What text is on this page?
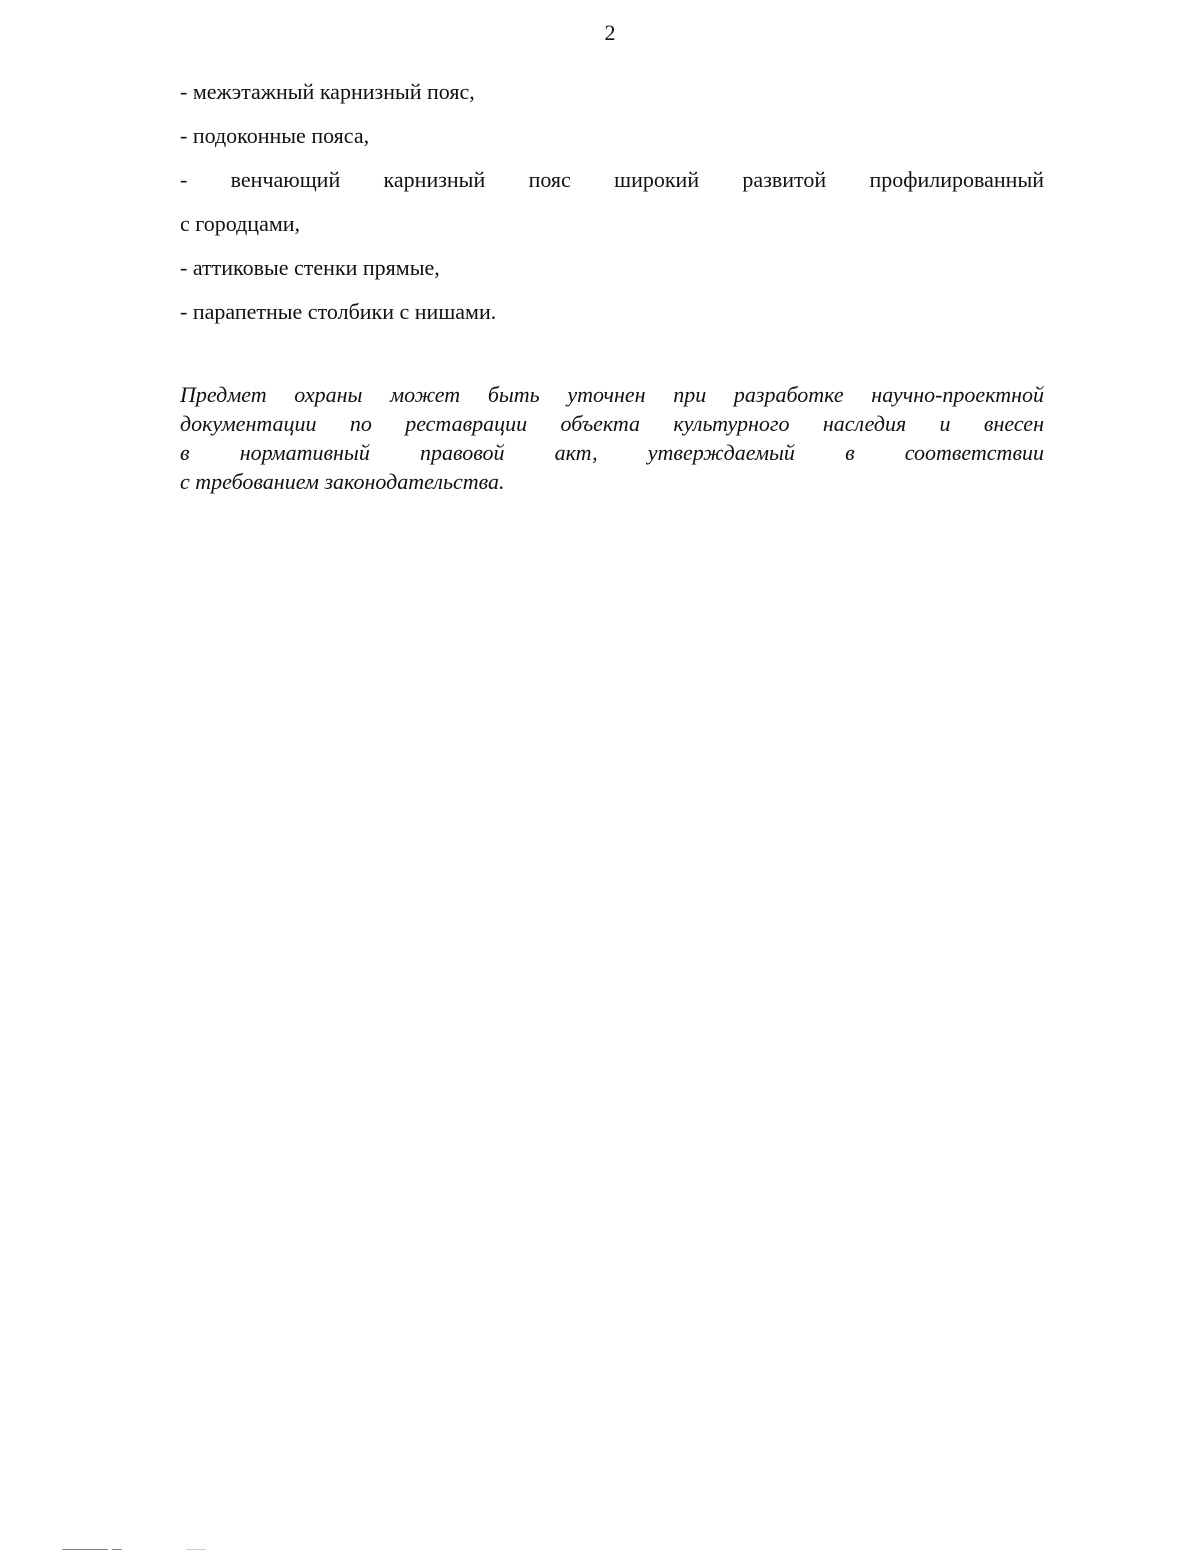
2
- межэтажный карнизный пояс,
- подоконные пояса,
- венчающий карнизный пояс широкий развитой профилированный
с городцами,
- аттиковые стенки прямые,
- парапетные столбики с нишами.

Предмет охраны может быть уточнен при разработке научно-проектной
документации по реставрации объекта культурного наследия и внесен
в нормативный правовой акт, утверждаемый в соответствии
с требованием законодательства.
